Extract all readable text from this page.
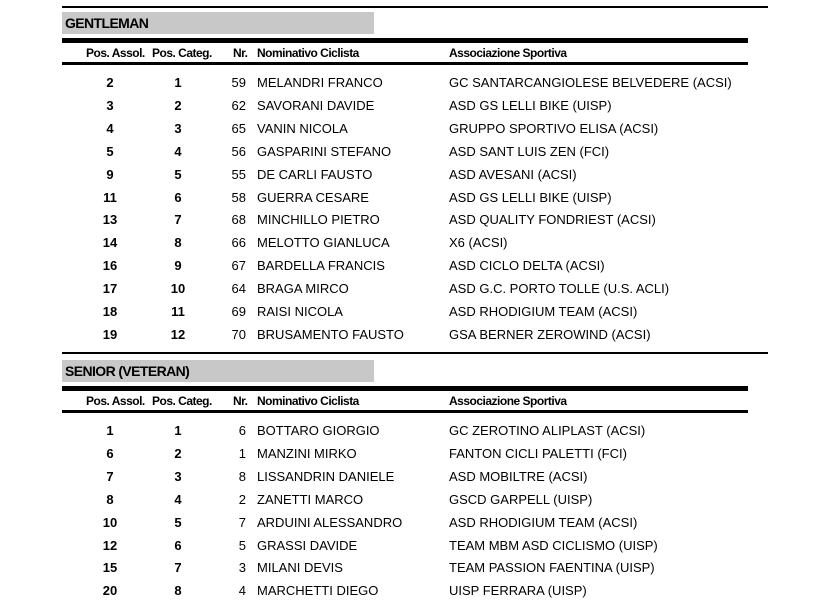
GENTLEMAN
Pos. Assol. Pos. Categ. Nr. Nominativo Ciclista	Associazione Sportiva
2	1	59 MELANDRI FRANCO	GC SANTARCANGIOLESE BELVEDERE (ACSI)
3	2	62 SAVORANI DAVIDE	ASD GS LELLI BIKE (UISP)
4	3	65 VANIN NICOLA	GRUPPO SPORTIVO ELISA (ACSI)
5	4	56 GASPARINI STEFANO	ASD SANT LUIS ZEN (FCI)
9	5	55 DE CARLI FAUSTO	ASD AVESANI (ACSI)
11	6	58 GUERRA CESARE	ASD GS LELLI BIKE (UISP)
13	7	68 MINCHILLO PIETRO	ASD QUALITY FONDRIEST (ACSI)
14	8	66 MELOTTO GIANLUCA	X6 (ACSI)
16	9	67 BARDELLA FRANCIS	ASD CICLO DELTA (ACSI)
17	10	64 BRAGA MIRCO	ASD G.C. PORTO TOLLE (U.S. ACLI)
18	11	69 RAISI NICOLA	ASD RHODIGIUM TEAM (ACSI)
19	12	70 BRUSAMENTO FAUSTO	GSA BERNER ZEROWIND (ACSI)
SENIOR (VETERAN)
Pos. Assol. Pos. Categ. Nr. Nominativo Ciclista	Associazione Sportiva
1	1	6 BOTTARO GIORGIO	GC ZEROTINO ALIPLAST (ACSI)
6	2	1 MANZINI MIRKO	FANTON CICLI PALETTI (FCI)
7	3	8 LISSANDRIN DANIELE	ASD MOBILTRE (ACSI)
8	4	2 ZANETTI MARCO	GSCD GARPELL (UISP)
10	5	7 ARDUINI ALESSANDRO	ASD RHODIGIUM TEAM (ACSI)
12	6	5 GRASSI DAVIDE	TEAM MBM ASD CICLISMO (UISP)
15	7	3 MILANI DEVIS	TEAM PASSION FAENTINA (UISP)
20	8	4 MARCHETTI DIEGO	UISP FERRARA (UISP)
